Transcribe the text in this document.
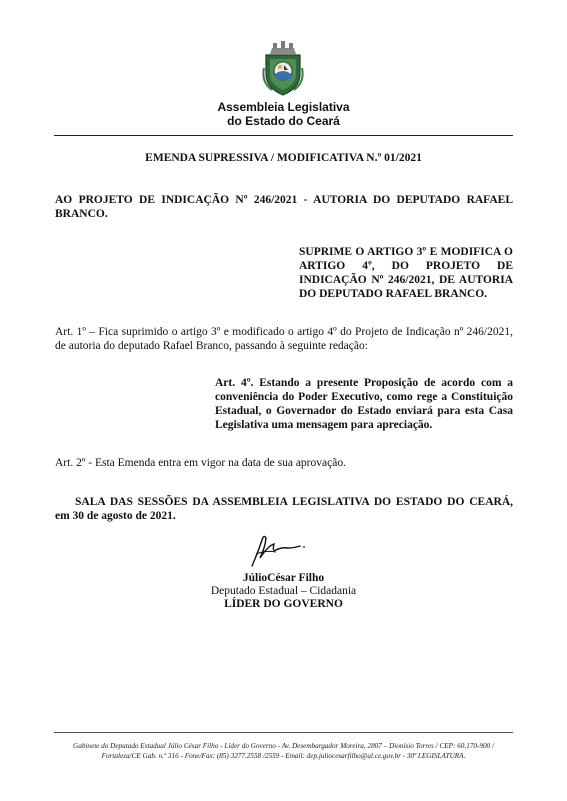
Assembleia Legislativa
do Estado do Ceará
EMENDA SUPRESSIVA / MODIFICATIVA N.º 01/2021
AO PROJETO DE INDICAÇÃO Nº 246/2021 - AUTORIA DO DEPUTADO RAFAEL BRANCO.
SUPRIME O ARTIGO 3º E MODIFICA O ARTIGO 4º, DO PROJETO DE INDICAÇÃO Nº 246/2021, DE AUTORIA DO DEPUTADO RAFAEL BRANCO.
Art. 1º – Fica suprimido o artigo 3º e modificado o artigo 4º do Projeto de Indicação nº 246/2021, de autoria do deputado Rafael Branco, passando à seguinte redação:
Art. 4º. Estando a presente Proposição de acordo com a conveniência do Poder Executivo, como rege a Constituição Estadual, o Governador do Estado enviará para esta Casa Legislativa uma mensagem para apreciação.
Art. 2º - Esta Emenda entra em vigor na data de sua aprovação.
SALA DAS SESSÕES DA ASSEMBLEIA LEGISLATIVA DO ESTADO DO CEARÁ, em 30 de agosto de 2021.
JúlioCésar Filho
Deputado Estadual – Cidadania
LÍDER DO GOVERNO
Gabinete do Deputado Estadual Júlio César Filho - Líder do Governo - Av. Desembargador Moreira, 2807 – Dionísio Torres / CEP: 60.170-900 /
Fortaleza/CE Gab. n.º 316 - Fone/Fax: (85) 3277.2558 /2559 - Email: dep.juliocesarfilho@al.ce.gov.br - 30ª LEGISLATURA.
